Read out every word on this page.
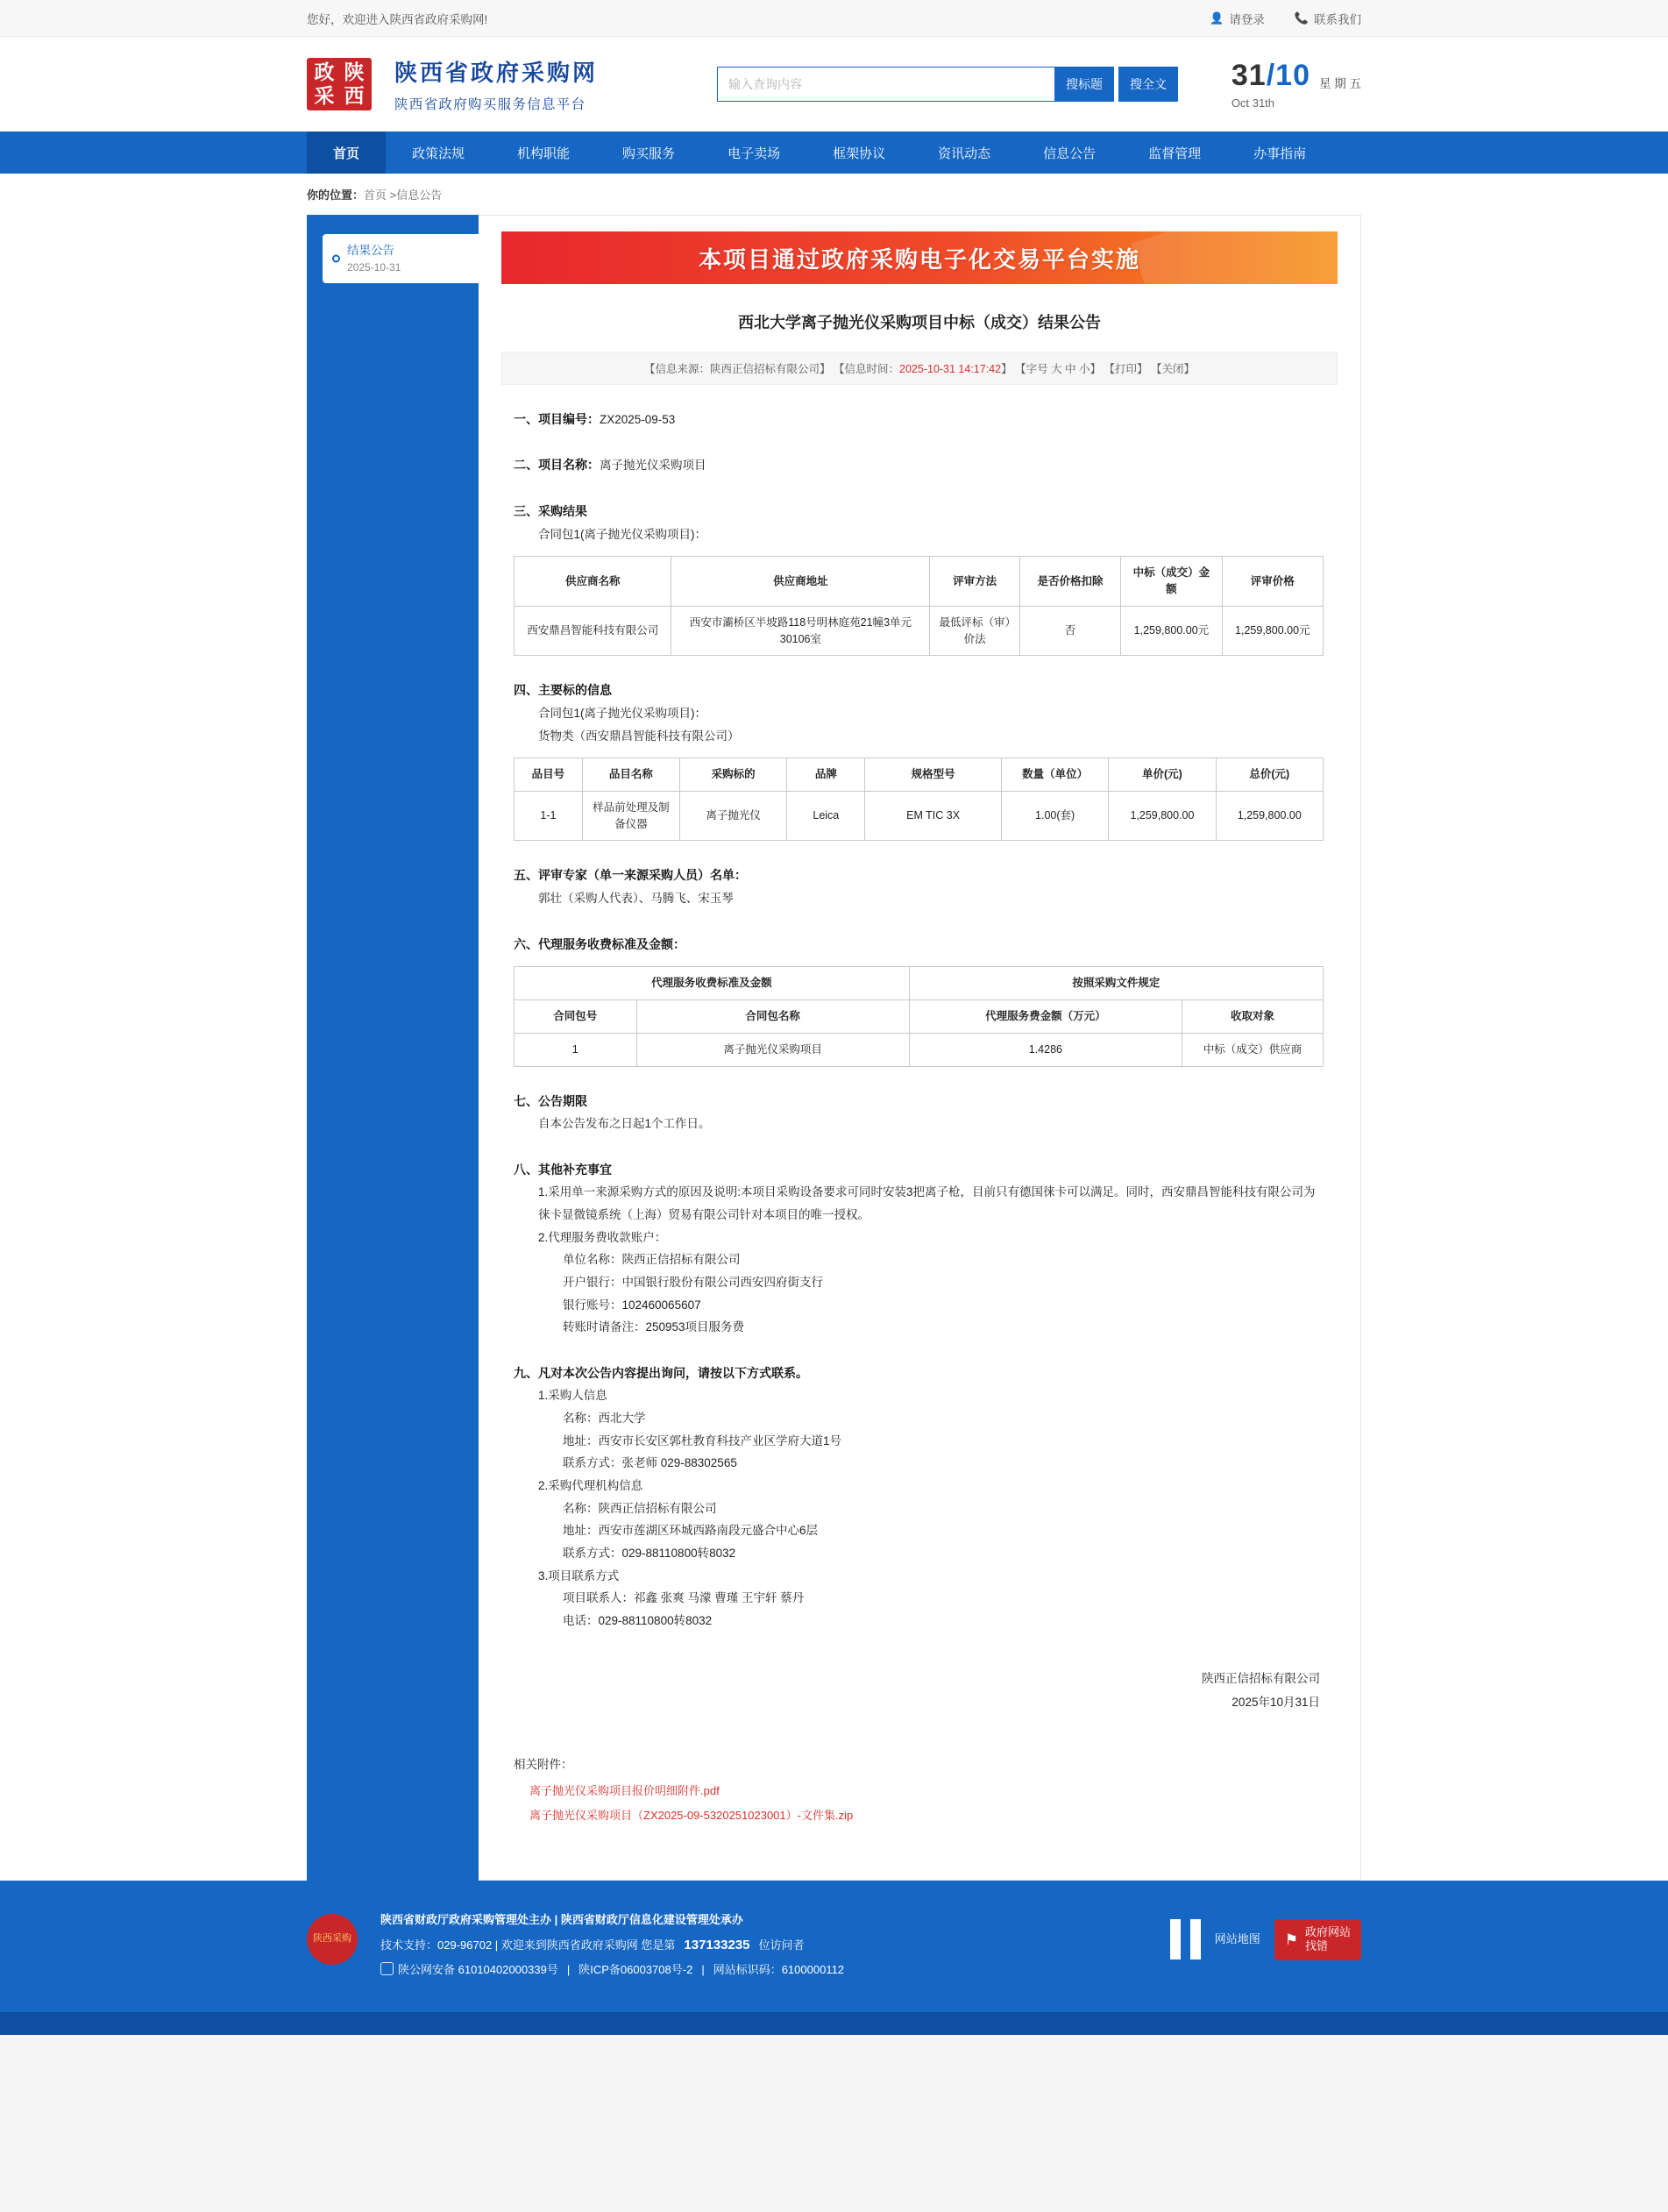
您好，欢迎进入陕西省政府采购网!	👤 请登录	📞 联系我们
政 陕
采 西
陕西省政府采购网
陕西省政府购买服务信息平台
输入查询内容
搜标题	搜全文	31/10
Oct 31th
星 期 五
首页	政策法规	机构职能	购买服务	电子卖场	框架协议	资讯动态	信息公告	监督管理	办事指南
你的位置：首页 >信息公告
结果公告
2025-10-31	本项目通过政府采购电子化交易平台实施
西北大学离子抛光仪采购项目中标（成交）结果公告
【信息来源：陕西正信招标有限公司】 【信息时间：2025-10-31 14:17:42】 【字号 大 中 小】 【打印】 【关闭】
一、项目编号：ZX2025-09-53
二、项目名称：离子抛光仪采购项目
三、采购结果
合同包1(离子抛光仪采购项目)：
供应商名称	供应商地址	评审方法	是否价格扣除	中标（成交）金额	评审价格
西安鼎昌智能科技有限公司	西安市灞桥区半坡路118号明林庭苑21幢3单元30106室	最低评标（审）价法	否	1,259,800.00元	1,259,800.00元
四、主要标的信息
合同包1(离子抛光仪采购项目)：
货物类（西安鼎昌智能科技有限公司）
品目号	品目名称	采购标的	品牌	规格型号	数量（单位）	单价(元)	总价(元)
1-1	样品前处理及制备仪器	离子抛光仪	Leica	EM TIC 3X	1.00(套)	1,259,800.00	1,259,800.00
五、评审专家（单一来源采购人员）名单：
郭壮（采购人代表）、马腾飞、宋玉琴
六、代理服务收费标准及金额：
代理服务收费标准及金额		按照采购文件规定	
合同包号	合同包名称	代理服务费金额（万元）	收取对象
1	离子抛光仪采购项目	1.4286	中标（成交）供应商
七、公告期限
自本公告发布之日起1个工作日。
八、其他补充事宜
1.采用单一来源采购方式的原因及说明:本项目采购设备要求可同时安装3把离子枪，目前只有德国徕卡可以满足。同时，西安鼎昌智能科技有限公司为徕卡显微镜系统（上海）贸易有限公司针对本项目的唯一授权。
2.代理服务费收款账户：
单位名称：陕西正信招标有限公司
开户银行：中国银行股份有限公司西安四府街支行
银行账号：102460065607
转账时请备注：250953项目服务费
九、凡对本次公告内容提出询问，请按以下方式联系。
1.采购人信息
名称：西北大学
地址：西安市长安区郭杜教育科技产业区学府大道1号
联系方式：张老师 029-88302565
2.采购代理机构信息
名称：陕西正信招标有限公司
地址：西安市莲湖区环城西路南段元盛合中心6层
联系方式：029-88110800转8032
3.项目联系方式
项目联系人：祁鑫 张爽 马濛 曹瑾 王宇轩 蔡丹
电话：029-88110800转8032
陕西正信招标有限公司
2025年10月31日
相关附件：
离子抛光仪采购项目报价明细附件.pdf
离子抛光仪采购项目（ZX2025-09-5320251023001）-文件集.zip
陕西采购
陕西省财政厅政府采购管理处主办 | 陕西省财政厅信息化建设管理处承办
技术支持：029-96702 | 欢迎来到陕西省政府采购网 您是第 137133235 位访问者
陕公网安备 61010402000339号 | 陕ICP备06003708号-2 | 网站标识码：6100000112
网站地图 ⚑ 政府网站
找错
